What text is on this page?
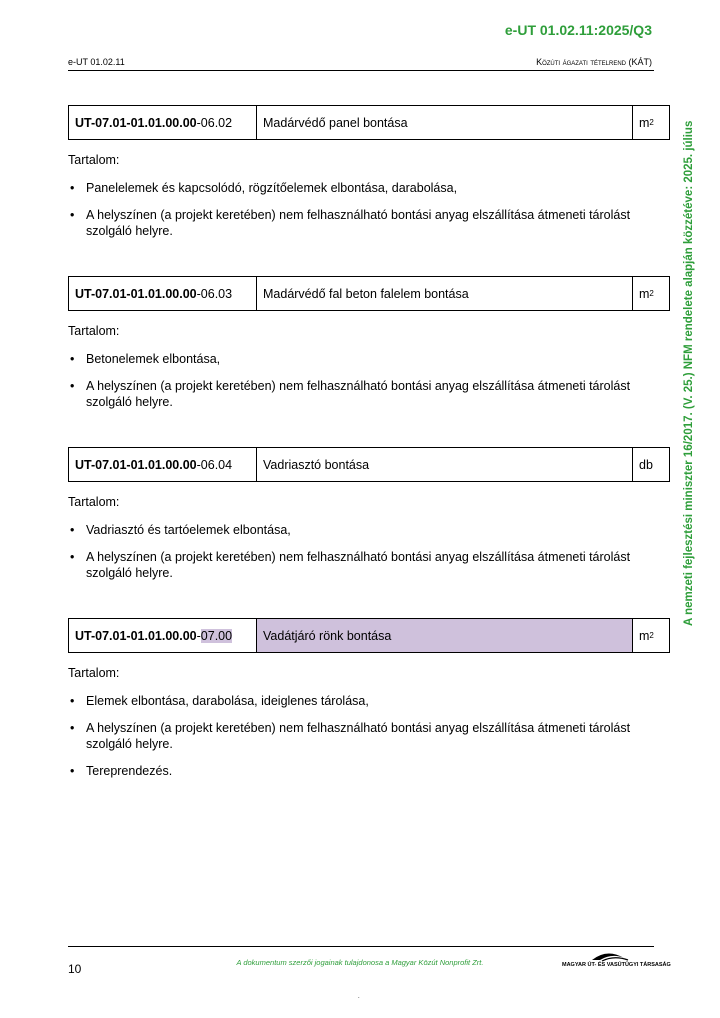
e-UT 01.02.11:2025/Q3
e-UT 01.02.11	Közúti ágazati tételrend (KÁT)
A nemzeti fejlesztési miniszter 16/2017. (V. 25.) NFM rendelete alapján közzétéve: 2025. július
UT-07.01-01.01.00.00 -06.02	Madárvédő panel bontása	m 2
Tartalom:
• Panelelemek és kapcsolódó, rögzítőelemek elbontása, darabolása,
• A helyszínen (a projekt keretében) nem felhasználható bontási anyag elszállítása átmeneti tárolást szolgáló helyre.
UT-07.01-01.01.00.00 -06.03	Madárvédő fal beton falelem bontása	m 2
Tartalom:
• Betonelemek elbontása,
• A helyszínen (a projekt keretében) nem felhasználható bontási anyag elszállítása átmeneti tárolást szolgáló helyre.
UT-07.01-01.01.00.00 -06.04	Vadriasztó bontása	db
Tartalom:
• Vadriasztó és tartóelemek elbontása,
• A helyszínen (a projekt keretében) nem felhasználható bontási anyag elszállítása átmeneti tárolást szolgáló helyre.
UT-07.01-01.01.00.00 - 07.00	Vadátjáró rönk bontása	m 2
Tartalom:
• Elemek elbontása, darabolása, ideiglenes tárolása,
• A helyszínen (a projekt keretében) nem felhasználható bontási anyag elszállítása átmeneti tárolást szolgáló helyre.
• Tereprendezés.
10	A dokumentum szerzői jogainak tulajdonosa a Magyar Közút Nonprofit Zrt.	MAGYAR ÚT- ÉS VASÚTÜGYI TÁRSASÁG
.
